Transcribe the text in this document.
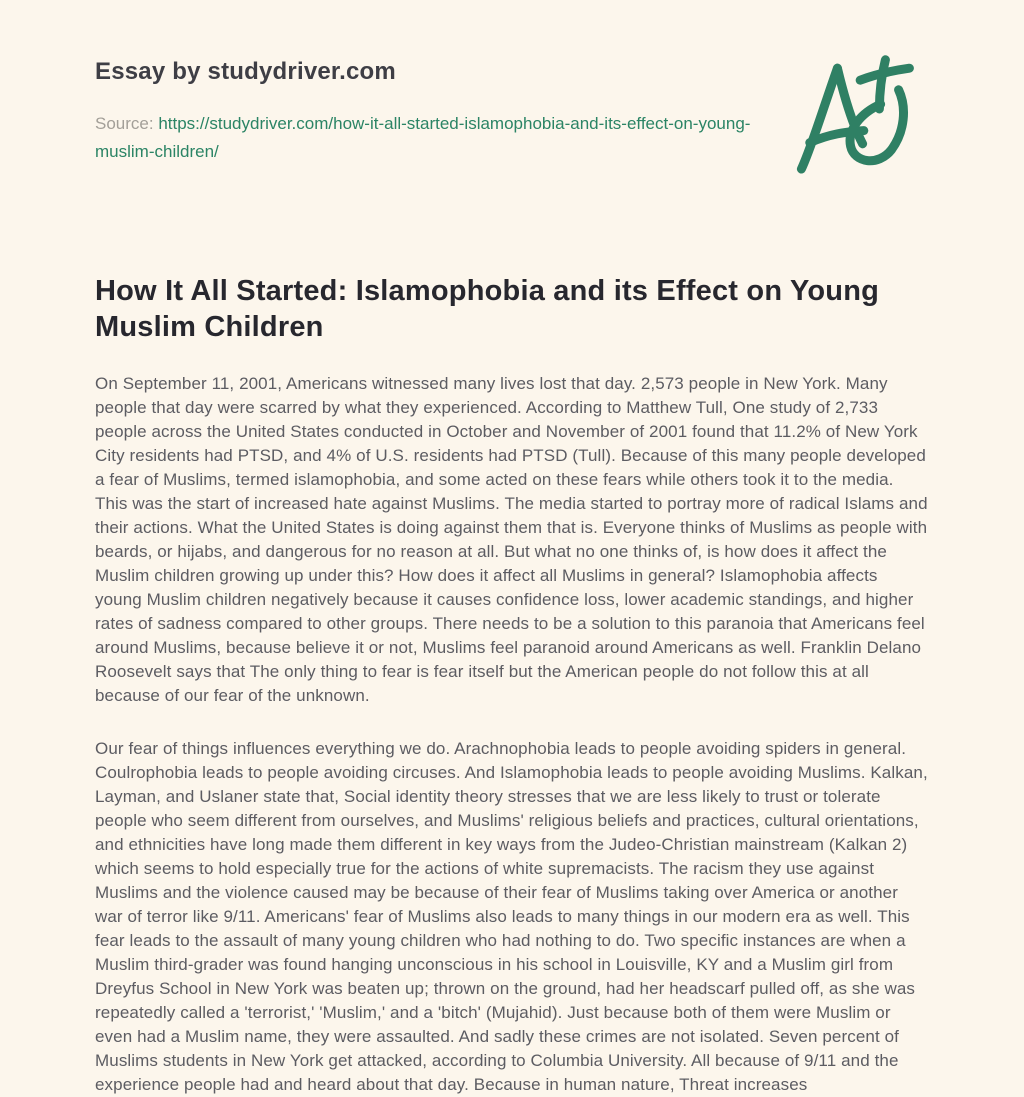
Essay by studydriver.com
Source: https://studydriver.com/how-it-all-started-islamophobia-and-its-effect-on-young-muslim-children/
How It All Started: Islamophobia and its Effect on Young Muslim Children

On September 11, 2001, Americans witnessed many lives lost that day. 2,573 people in New York. Many people that day were scarred by what they experienced. According to Matthew Tull, One study of 2,733 people across the United States conducted in October and November of 2001 found that 11.2% of New York City residents had PTSD, and 4% of U.S. residents had PTSD (Tull). Because of this many people developed a fear of Muslims, termed islamophobia, and some acted on these fears while others took it to the media. This was the start of increased hate against Muslims. The media started to portray more of radical Islams and their actions. What the United States is doing against them that is. Everyone thinks of Muslims as people with beards, or hijabs, and dangerous for no reason at all. But what no one thinks of, is how does it affect the Muslim children growing up under this? How does it affect all Muslims in general? Islamophobia affects young Muslim children negatively because it causes confidence loss, lower academic standings, and higher rates of sadness compared to other groups. There needs to be a solution to this paranoia that Americans feel around Muslims, because believe it or not, Muslims feel paranoid around Americans as well. Franklin Delano Roosevelt says that The only thing to fear is fear itself but the American people do not follow this at all because of our fear of the unknown.

Our fear of things influences everything we do. Arachnophobia leads to people avoiding spiders in general. Coulrophobia leads to people avoiding circuses. And Islamophobia leads to people avoiding Muslims. Kalkan, Layman, and Uslaner state that, Social identity theory stresses that we are less likely to trust or tolerate people who seem different from ourselves, and Muslims' religious beliefs and practices, cultural orientations, and ethnicities have long made them different in key ways from the Judeo-Christian mainstream (Kalkan 2) which seems to hold especially true for the actions of white supremacists. The racism they use against Muslims and the violence caused may be because of their fear of Muslims taking over America or another war of terror like 9/11. Americans' fear of Muslims also leads to many things in our modern era as well. This fear leads to the assault of many young children who had nothing to do. Two specific instances are when a Muslim third-grader was found hanging unconscious in his school in Louisville, KY and a Muslim girl from Dreyfus School in New York was beaten up; thrown on the ground, had her headscarf pulled off, as she was repeatedly called a 'terrorist,' 'Muslim,' and a 'bitch' (Mujahid). Just because both of them were Muslim or even had a Muslim name, they were assaulted. And sadly these crimes are not isolated. Seven percent of Muslims students in New York get attacked, according to Columbia University. All because of 9/11 and the experience people had and heard about that day. Because in human nature, Threat increases
